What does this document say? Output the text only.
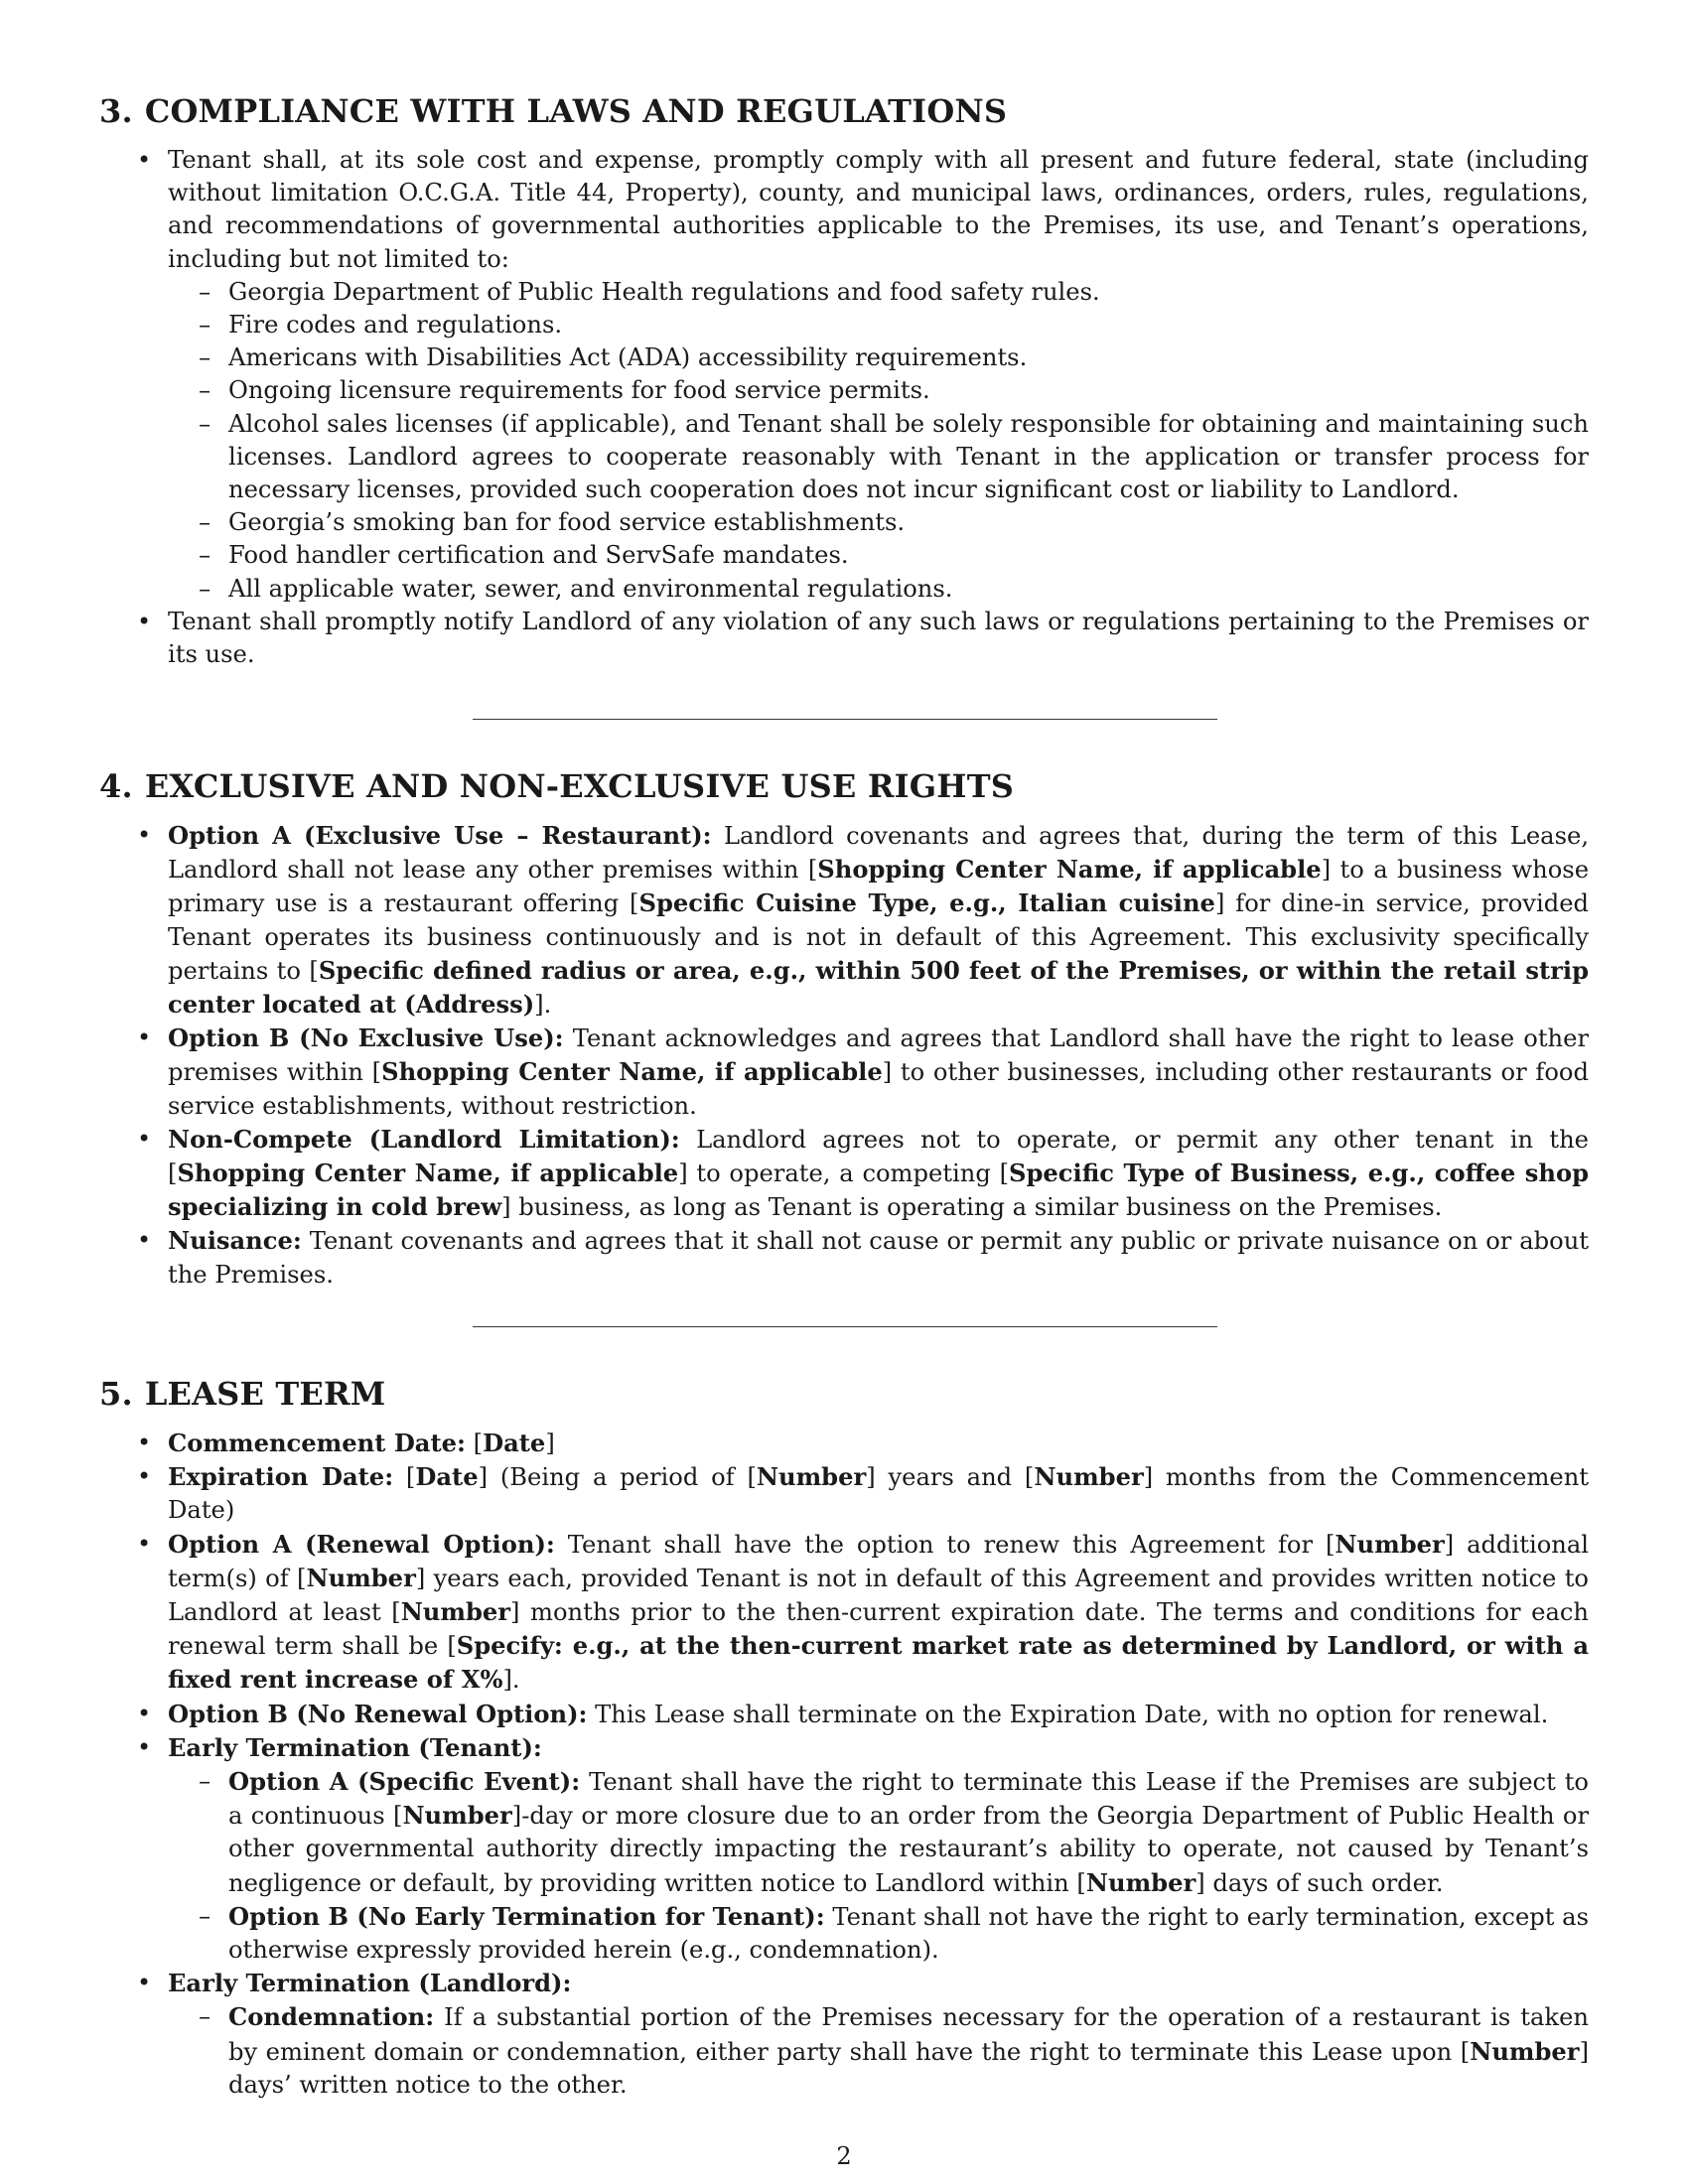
3. COMPLIANCE WITH LAWS AND REGULATIONS
• Tenant shall, at its sole cost and expense, promptly comply with all present and future federal, state (including without limitation O.C.G.A. Title 44, Property), county, and municipal laws, ordinances, orders, rules, regulations, and recommendations of governmental authorities applicable to the Premises, its use, and Tenant’s operations, including but not limited to:
– Georgia Department of Public Health regulations and food safety rules.
– Fire codes and regulations.
– Americans with Disabilities Act (ADA) accessibility requirements.
– Ongoing licensure requirements for food service permits.
– Alcohol sales licenses (if applicable), and Tenant shall be solely responsible for obtaining and maintaining such licenses. Landlord agrees to cooperate reasonably with Tenant in the application or transfer process for necessary licenses, provided such cooperation does not incur significant cost or liability to Landlord.
– Georgia’s smoking ban for food service establishments.
– Food handler certification and ServSafe mandates.
– All applicable water, sewer, and environmental regulations.
• Tenant shall promptly notify Landlord of any violation of any such laws or regulations pertaining to the Premises or its use.
4. EXCLUSIVE AND NON-EXCLUSIVE USE RIGHTS
• Option A (Exclusive Use – Restaurant): Landlord covenants and agrees that, during the term of this Lease, Landlord shall not lease any other premises within [Shopping Center Name, if applicable] to a business whose primary use is a restaurant offering [Specific Cuisine Type, e.g., Italian cuisine] for dine-in service, provided Tenant operates its business continuously and is not in default of this Agreement. This exclusivity specifically pertains to [Specific defined radius or area, e.g., within 500 feet of the Premises, or within the retail strip center located at (Address)].
• Option B (No Exclusive Use): Tenant acknowledges and agrees that Landlord shall have the right to lease other premises within [Shopping Center Name, if applicable] to other businesses, including other restaurants or food service establishments, without restriction.
• Non-Compete (Landlord Limitation): Landlord agrees not to operate, or permit any other tenant in the [Shopping Center Name, if applicable] to operate, a competing [Specific Type of Business, e.g., coffee shop specializing in cold brew] business, as long as Tenant is operating a similar business on the Premises.
• Nuisance: Tenant covenants and agrees that it shall not cause or permit any public or private nuisance on or about the Premises.
5. LEASE TERM
• Commencement Date: [Date]
• Expiration Date: [Date] (Being a period of [Number] years and [Number] months from the Commencement Date)
• Option A (Renewal Option): Tenant shall have the option to renew this Agreement for [Number] additional term(s) of [Number] years each, provided Tenant is not in default of this Agreement and provides written notice to Landlord at least [Number] months prior to the then-current expiration date. The terms and conditions for each renewal term shall be [Specify: e.g., at the then-current market rate as determined by Landlord, or with a fixed rent increase of X%].
• Option B (No Renewal Option): This Lease shall terminate on the Expiration Date, with no option for renewal.
• Early Termination (Tenant):
– Option A (Specific Event): Tenant shall have the right to terminate this Lease if the Premises are subject to a continuous [Number]-day or more closure due to an order from the Georgia Department of Public Health or other governmental authority directly impacting the restaurant’s ability to operate, not caused by Tenant’s negligence or default, by providing written notice to Landlord within [Number] days of such order.
– Option B (No Early Termination for Tenant): Tenant shall not have the right to early termination, except as otherwise expressly provided herein (e.g., condemnation).
• Early Termination (Landlord):
– Condemnation: If a substantial portion of the Premises necessary for the operation of a restaurant is taken by eminent domain or condemnation, either party shall have the right to terminate this Lease upon [Number] days’ written notice to the other.
2
